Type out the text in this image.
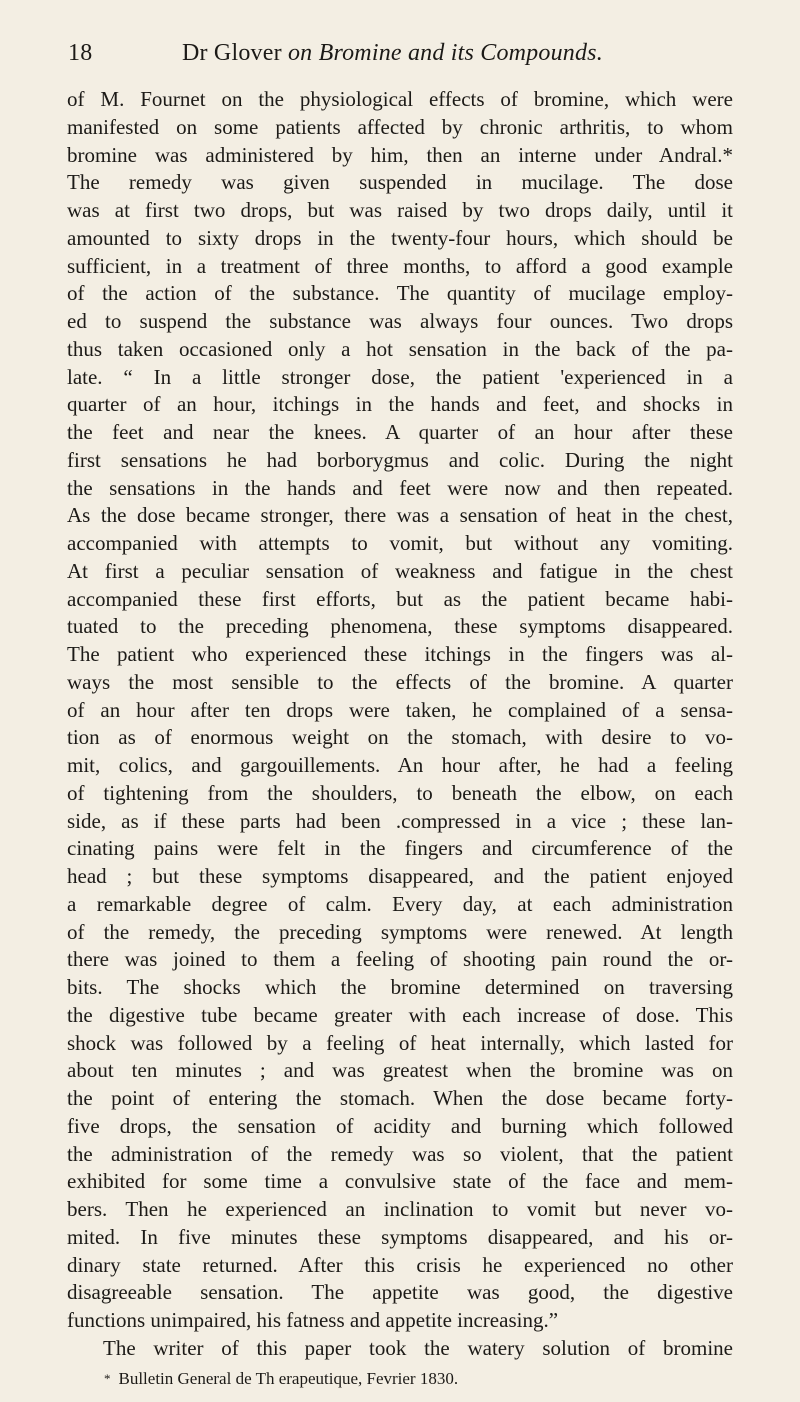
18	Dr Glover on Bromine and its Compounds.
of M. Fournet on the physiological effects of bromine, which were
manifested on some patients affected by chronic arthritis, to whom
bromine was administered by him, then an interne under Andral.*
The remedy was given suspended in mucilage. The dose
was at first two drops, but was raised by two drops daily, until it
amounted to sixty drops in the twenty-four hours, which should be
sufficient, in a treatment of three months, to afford a good example
of the action of the substance. The quantity of mucilage employ-
ed to suspend the substance was always four ounces. Two drops
thus taken occasioned only a hot sensation in the back of the pa-
late. “ In a little stronger dose, the patient 'experienced in a
quarter of an hour, itchings in the hands and feet, and shocks in
the feet and near the knees. A quarter of an hour after these
first sensations he had borborygmus and colic. During the night
the sensations in the hands and feet were now and then repeated.
As the dose became stronger, there was a sensation of heat in the chest,
accompanied with attempts to vomit, but without any vomiting.
At first a peculiar sensation of weakness and fatigue in the chest
accompanied these first efforts, but as the patient became habi-
tuated to the preceding phenomena, these symptoms disappeared.
The patient who experienced these itchings in the fingers was al-
ways the most sensible to the effects of the bromine. A quarter
of an hour after ten drops were taken, he complained of a sensa-
tion as of enormous weight on the stomach, with desire to vo-
mit, colics, and gargouillements. An hour after, he had a feeling
of tightening from the shoulders, to beneath the elbow, on each
side, as if these parts had been .compressed in a vice ; these lan-
cinating pains were felt in the fingers and circumference of the
head ; but these symptoms disappeared, and the patient enjoyed
a remarkable degree of calm. Every day, at each administration
of the remedy, the preceding symptoms were renewed. At length
there was joined to them a feeling of shooting pain round the or-
bits. The shocks which the bromine determined on traversing
the digestive tube became greater with each increase of dose. This
shock was followed by a feeling of heat internally, which lasted for
about ten minutes ; and was greatest when the bromine was on
the point of entering the stomach. When the dose became forty-
five drops, the sensation of acidity and burning which followed
the administration of the remedy was so violent, that the patient
exhibited for some time a convulsive state of the face and mem-
bers. Then he experienced an inclination to vomit but never vo-
mited. In five minutes these symptoms disappeared, and his or-
dinary state returned. After this crisis he experienced no other
disagreeable sensation. The appetite was good, the digestive
functions unimpaired, his fatness and appetite increasing.”
The writer of this paper took the watery solution of bromine
* Bulletin General de Th erapeutique, Fevrier 1830.
